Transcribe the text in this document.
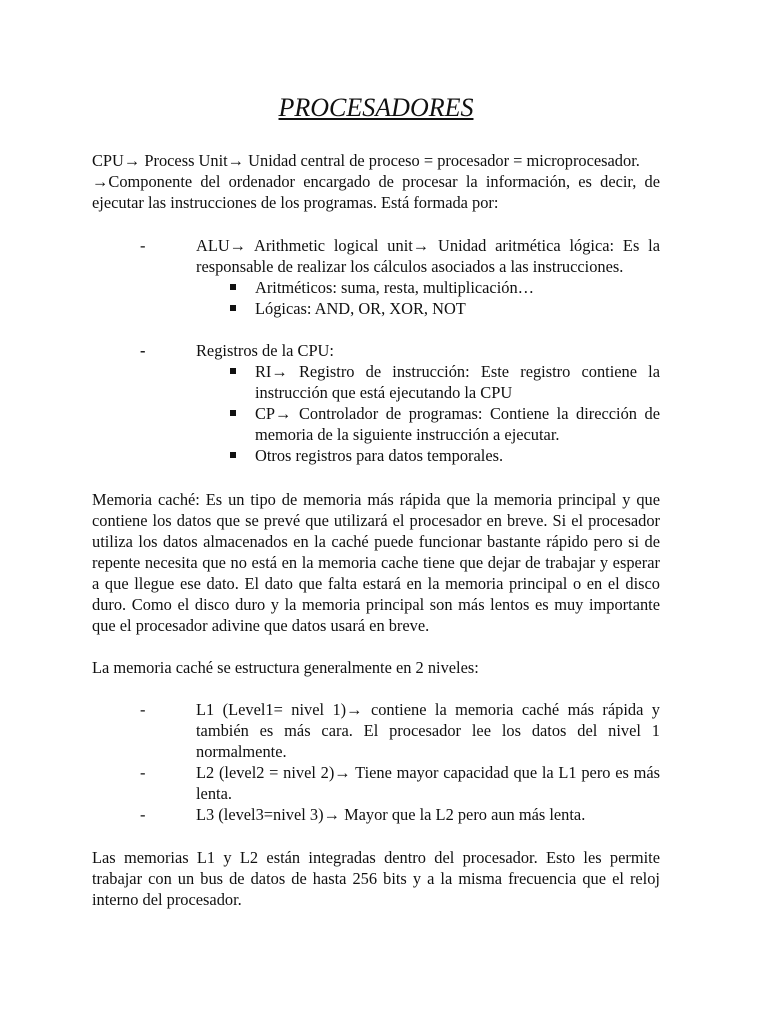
PROCESADORES

CPU→ Process Unit→ Unidad central de proceso = procesador = microprocesador.

→Componente del ordenador encargado de procesar la información, es decir, de ejecutar las instrucciones de los programas. Está formada por:

-	ALU→ Arithmetic logical unit→ Unidad aritmética lógica: Es la responsable de realizar los cálculos asociados a las instrucciones.
Aritméticos: suma, resta, multiplicación…
Lógicas: AND, OR, XOR, NOT
-	Registros de la CPU:
RI→ Registro de instrucción: Este registro contiene la instrucción que está ejecutando la CPU
CP→ Controlador de programas: Contiene la dirección de memoria de la siguiente instrucción a ejecutar.
Otros registros para datos temporales.

Memoria caché: Es un tipo de memoria más rápida que la memoria principal y que contiene los datos que se prevé que utilizará el procesador en breve. Si el procesador utiliza los datos almacenados en la caché puede funcionar bastante rápido pero si de repente necesita que no está en la memoria cache tiene que dejar de trabajar y esperar a que llegue ese dato. El dato que falta estará en la memoria principal o en el disco duro. Como el disco duro y la memoria principal son más lentos es muy importante que el procesador adivine que datos usará en breve.

La memoria caché se estructura generalmente en 2 niveles:

-	L1 (Level1= nivel 1)→ contiene la memoria caché más rápida y también es más cara. El procesador lee los datos del nivel 1 normalmente.
-	L2 (level2 = nivel 2)→ Tiene mayor capacidad que la L1 pero es más lenta.
-	L3 (level3=nivel 3)→ Mayor que la L2 pero aun más lenta.

Las memorias L1 y L2 están integradas dentro del procesador. Esto les permite trabajar con un bus de datos de hasta 256 bits y a la misma frecuencia que el reloj interno del procesador.
